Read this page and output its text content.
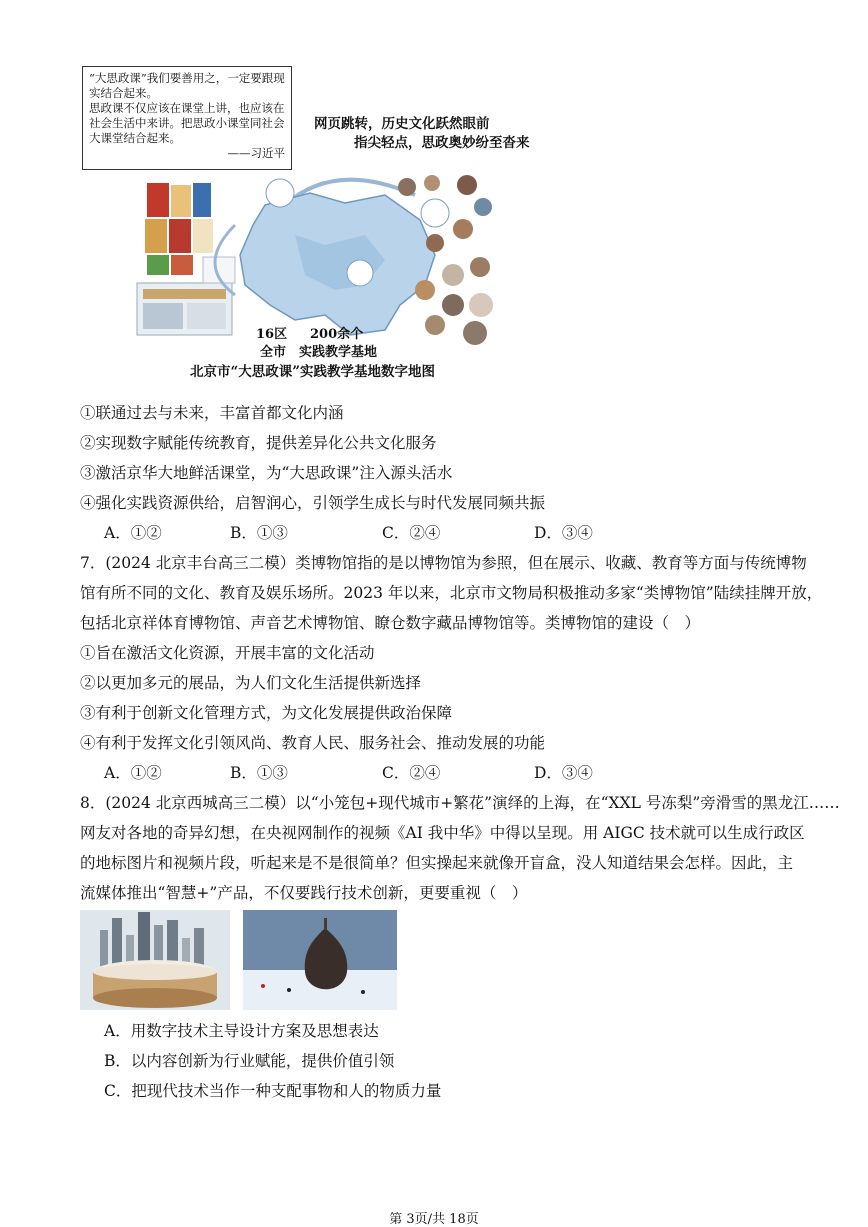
“大思政课”我们要善用之，一定要跟现实结合起来。
思政课不仅应该在课堂上讲，也应该在社会生活中来讲。把思政小课堂同社会大课堂结合起来。
——习近平
网页跳转，历史文化跃然眼前
指尖轻点，思政奥妙纷至沓来
16区 200余个
全市　实践教学基地
北京市“大思政课”实践教学基地数字地图
①联通过去与未来，丰富首都文化内涵
②实现数字赋能传统教育，提供差异化公共文化服务
③激活京华大地鲜活课堂，为“大思政课”注入源头活水
④强化实践资源供给，启智润心，引领学生成长与时代发展同频共振
A．①②	B．①③	C．②④	D．③④
7．(2024 北京丰台高三二模）类博物馆指的是以博物馆为参照，但在展示、收藏、教育等方面与传统博物
馆有所不同的文化、教育及娱乐场所。2023 年以来，北京市文物局积极推动多家“类博物馆”陆续挂牌开放，
包括北京祥体育博物馆、声音艺术博物馆、瞭仓数字藏品博物馆等。类博物馆的建设（　）
①旨在激活文化资源，开展丰富的文化活动
②以更加多元的展品，为人们文化生活提供新选择
③有利于创新文化管理方式，为文化发展提供政治保障
④有利于发挥文化引领风尚、教育人民、服务社会、推动发展的功能
A．①②	B．①③	C．②④	D．③④
8．(2024 北京西城高三二模）以“小笼包+现代城市+繁花”演绎的上海，在“XXL 号冻梨”旁滑雪的黑龙江……
网友对各地的奇异幻想，在央视网制作的视频《AI 我中华》中得以呈现。用 AIGC 技术就可以生成行政区
的地标图片和视频片段，听起来是不是很简单？但实操起来就像开盲盒，没人知道结果会怎样。因此，主
流媒体推出“智慧+”产品，不仅要践行技术创新，更要重视（　）
A．用数字技术主导设计方案及思想表达
B．以内容创新为行业赋能，提供价值引领
C．把现代技术当作一种支配事物和人的物质力量
第 3页/共 18页
